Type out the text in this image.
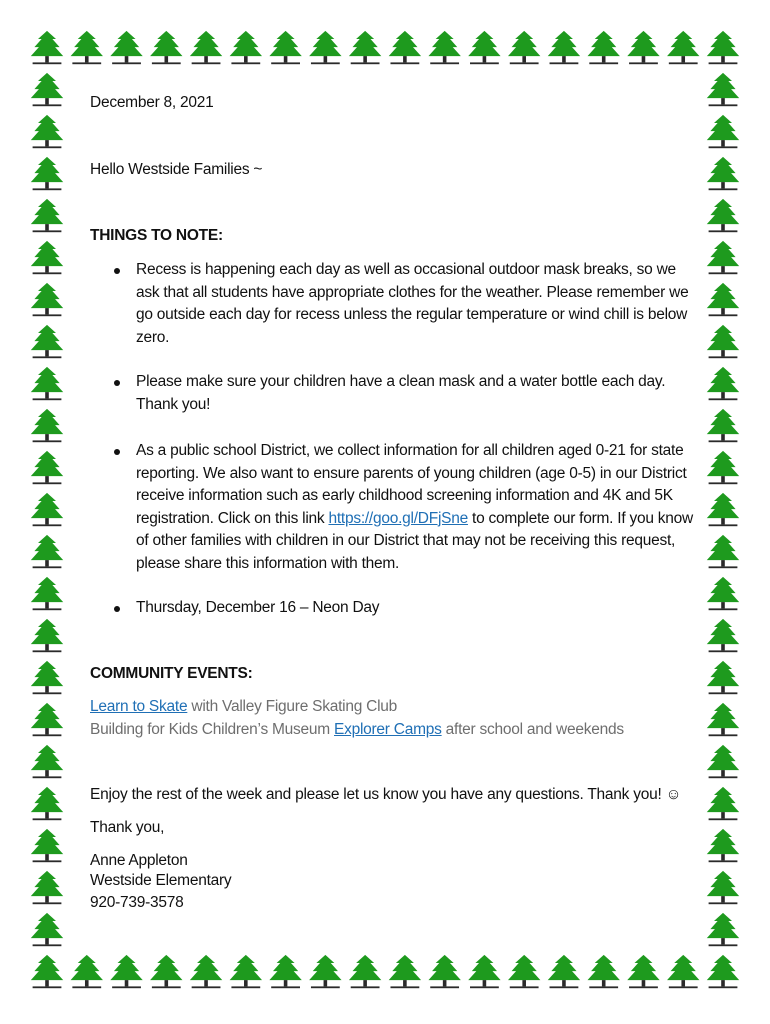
December 8, 2021
Hello Westside Families ~
THINGS TO NOTE:
Recess is happening each day as well as occasional outdoor mask breaks, so we
ask that all students have appropriate clothes for the weather. Please remember we
go outside each day for recess unless the regular temperature or wind chill is below
zero.
Please make sure your children have a clean mask and a water bottle each day.
Thank you!
As a public school District, we collect information for all children aged 0-21 for state
reporting. We also want to ensure parents of young children (age 0-5) in our District
receive information such as early childhood screening information and 4K and 5K
registration. Click on this link https://goo.gl/DFjSne to complete our form. If you know
of other families with children in our District that may not be receiving this request,
please share this information with them.
Thursday, December 16 – Neon Day
COMMUNITY EVENTS:
Learn to Skate with Valley Figure Skating Club
Building for Kids Children’s Museum Explorer Camps after school and weekends
Enjoy the rest of the week and please let us know you have any questions. Thank you! ☺
Thank you,
Anne Appleton
Westside Elementary
920-739-3578
